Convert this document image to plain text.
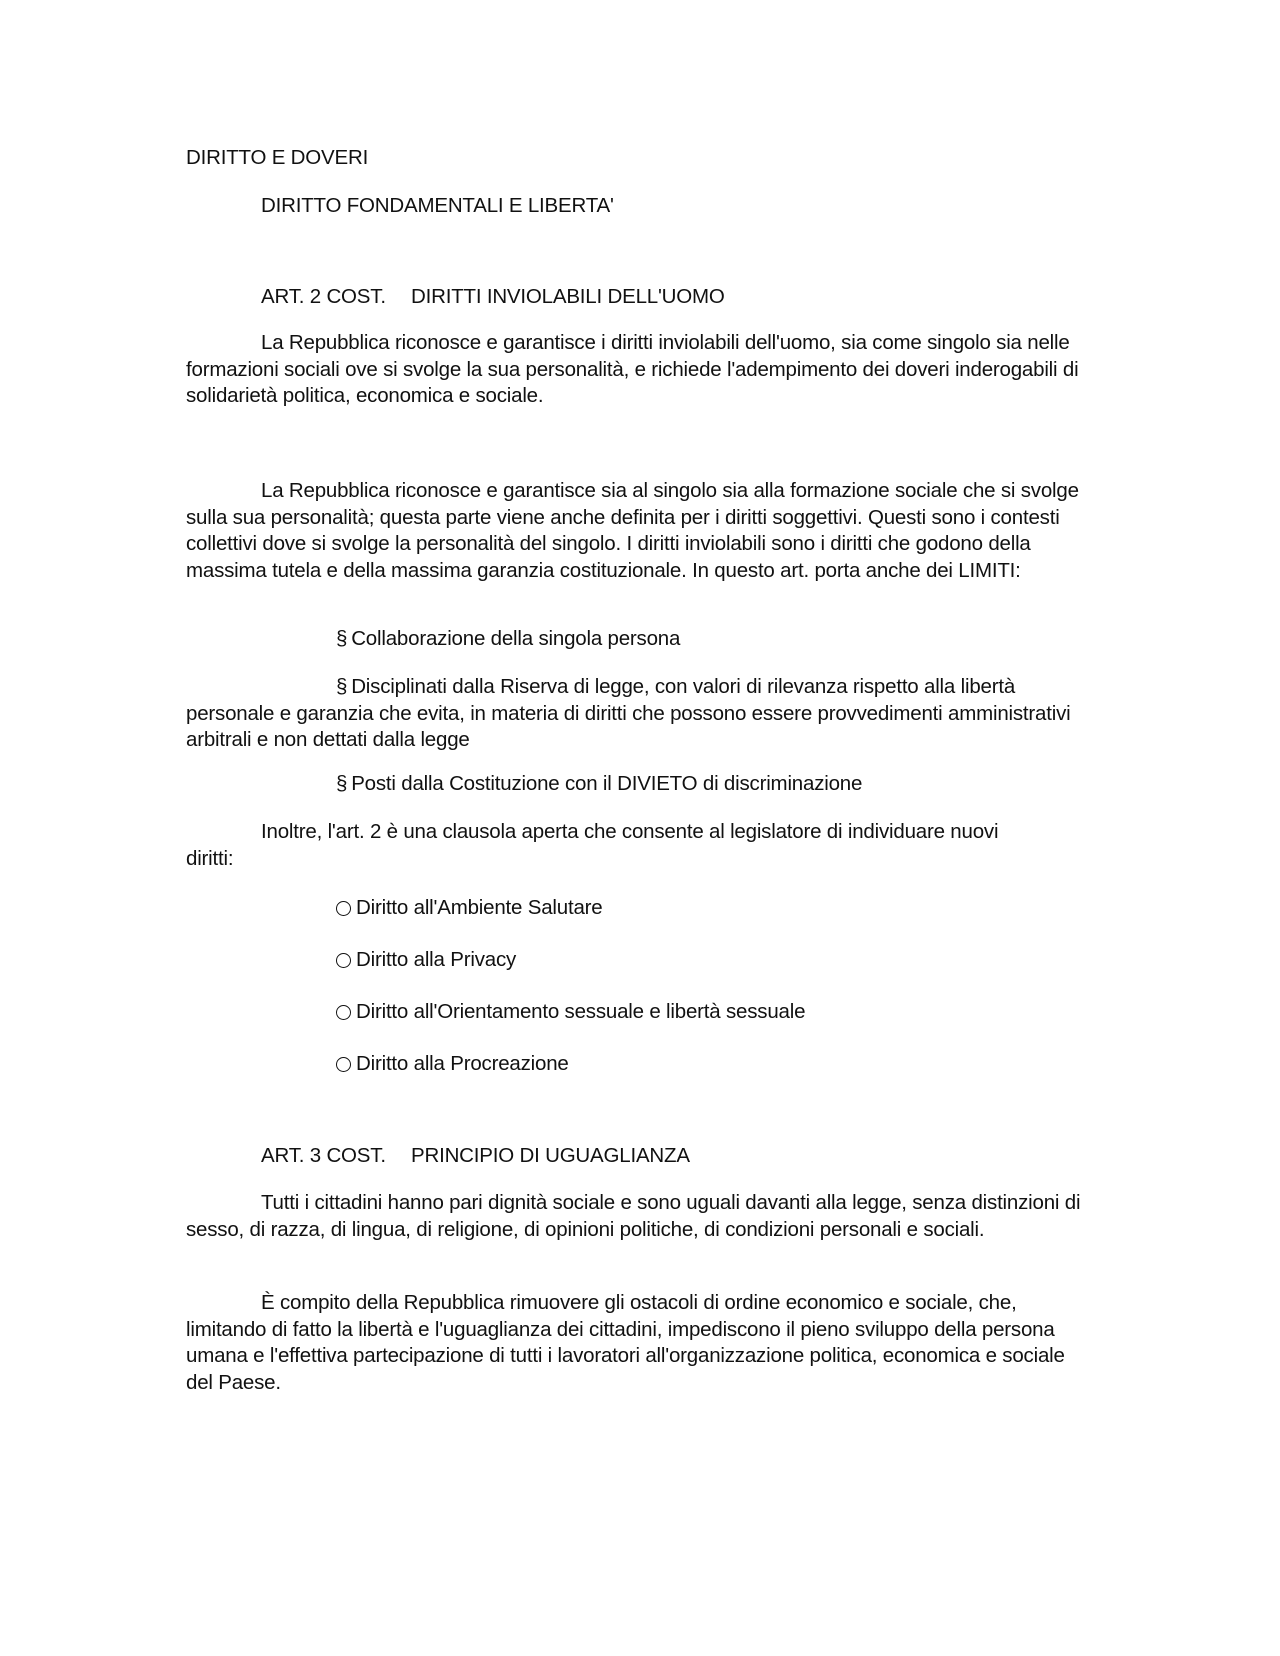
DIRITTO E DOVERI
DIRITTO FONDAMENTALI E LIBERTA'
ART. 2 COST. DIRITTI INVIOLABILI DELL'UOMO

La Repubblica riconosce e garantisce i diritti inviolabili dell'uomo, sia come singolo sia nelle formazioni sociali ove si svolge la sua personalità, e richiede l'adempimento dei doveri inderogabili di solidarietà politica, economica e sociale.

La Repubblica riconosce e garantisce sia al singolo sia alla formazione sociale che si svolge sulla sua personalità; questa parte viene anche definita per i diritti soggettivi. Questi sono i contesti collettivi dove si svolge la personalità del singolo. I diritti inviolabili sono i diritti che godono della massima tutela e della massima garanzia costituzionale. In questo art. porta anche dei LIMITI:

§ Collaborazione della singola persona

§ Disciplinati dalla Riserva di legge, con valori di rilevanza rispetto alla libertà personale e garanzia che evita, in materia di diritti che possono essere provvedimenti amministrativi arbitrali e non dettati dalla legge

§ Posti dalla Costituzione con il DIVIETO di discriminazione

Inoltre, l'art. 2 è una clausola aperta che consente al legislatore di individuare nuovi diritti:

Diritto all'Ambiente Salutare
Diritto alla Privacy
Diritto all'Orientamento sessuale e libertà sessuale
Diritto alla Procreazione
ART. 3 COST. PRINCIPIO DI UGUAGLIANZA

Tutti i cittadini hanno pari dignità sociale e sono uguali davanti alla legge, senza distinzioni di sesso, di razza, di lingua, di religione, di opinioni politiche, di condizioni personali e sociali.

È compito della Repubblica rimuovere gli ostacoli di ordine economico e sociale, che, limitando di fatto la libertà e l'uguaglianza dei cittadini, impediscono il pieno sviluppo della persona umana e l'effettiva partecipazione di tutti i lavoratori all'organizzazione politica, economica e sociale del Paese.
